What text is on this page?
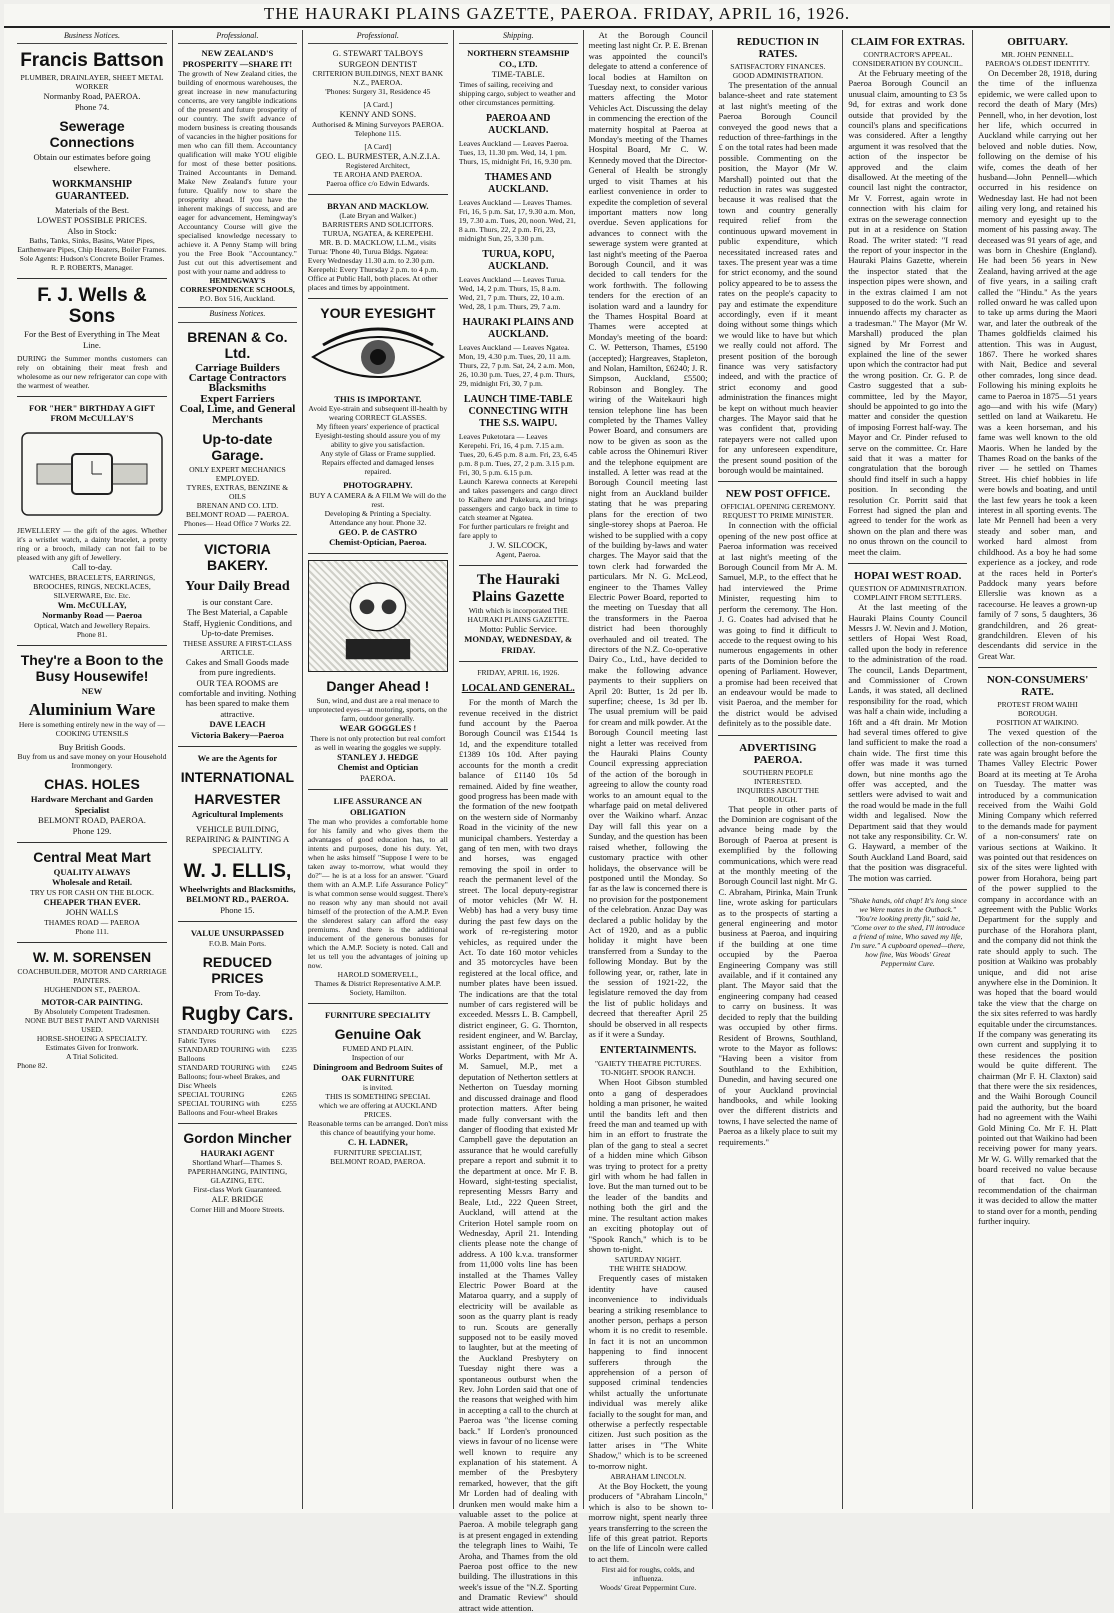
THE HAURAKI PLAINS GAZETTE, PAEROA. FRIDAY, APRIL 16, 1926.
Business Notices.
Francis Battson
PLUMBER, DRAINLAYER, SHEET METAL WORKER
Normanby Road, PAEROA.
Phone 74.
Sewerage Connections
Obtain our estimates before going elsewhere.
WORKMANSHIP GUARANTEED.
Materials of the Best.
LOWEST POSSIBLE PRICES.
Also in Stock:
Baths, Tanks, Sinks, Basins, Water Pipes, Earthenware Pipes, Chip Heaters, Boiler Frames.
Sole Agents: Hudson's Concrete Boiler Frames.
R. P. ROBERTS, Manager.
F. J. Wells & Sons
For the Best of Everything in The Meat Line.
DURING the Summer months customers can rely on obtaining their meat fresh and wholesome as our new refrigerator can cope with the warmest of weather.
FOR "HER" BIRTHDAY A GIFT FROM McCULLAY'S
JEWELLERY — the gift of the ages. Whether it's a wristlet watch, a dainty bracelet, a pretty ring or a brooch, milady can not fail to be pleased with any gift of Jewellery.
Call to-day.
WATCHES, BRACELETS, EARRINGS, BROOCHES, RINGS, NECKLACES, SILVERWARE, Etc. Etc.
Wm. McCULLAY,
Normanby Road — Paeroa
Optical, Watch and Jewellery Repairs.
Phone 81.
They're a Boon to the Busy Housewife!
NEW
Aluminium Ware
Here is something entirely new in the way of — COOKING UTENSILS
Buy British Goods.
Buy from us and save money on your Household Ironmongery.
CHAS. HOLES
Hardware Merchant and Garden Specialist
BELMONT ROAD, PAEROA.
Phone 129.
Central Meat Mart
QUALITY ALWAYS
Wholesale and Retail.
TRY US FOR CASH ON THE BLOCK.
CHEAPER THAN EVER.
JOHN WALLS
THAMES ROAD — PAEROA
Phone 111.
W. M. SORENSEN
COACHBUILDER, MOTOR AND CARRIAGE PAINTERS.
HUGHENDON ST., PAEROA.
MOTOR-CAR PAINTING.
By Absolutely Competent Tradesmen.
NONE BUT BEST PAINT AND VARNISH USED.
HORSE-SHOEING A SPECIALTY.
Estimates Given for Ironwork.
A Trial Solicited.
Phone 82.
Professional.
NEW ZEALAND'S PROSPERITY —SHARE IT!
The growth of New Zealand cities, the building of enormous warehouses, the great increase in new manufacturing concerns, are very tangible indications of the present and future prosperity of our country. The swift advance of modern business is creating thousands of vacancies in the higher positions for men who can fill them. Accountancy qualification will make YOU eligible for most of these better positions. Trained Accountants in Demand. Make New Zealand's future your future. Qualify now to share the prosperity ahead. If you have the inherent makings of success, and are eager for advancement, Hemingway's Accountancy Course will give the specialised knowledge necessary to achieve it. A Penny Stamp will bring you the Free Book "Accountancy." Just cut out this advertisement and post with your name and address to
HEMINGWAY'S CORRESPONDENCE SCHOOLS,
P.O. Box 516, Auckland.
Business Notices.
BRENAN & Co. Ltd.
Carriage Builders
Cartage Contractors
Blacksmiths
Expert Farriers
Coal, Lime, and General Merchants
Up-to-date Garage.
ONLY EXPERT MECHANICS EMPLOYED.
TYRES, EXTRAS, BENZINE & OILS
BRENAN AND CO. LTD.
BELMONT ROAD — PAEROA.
Phones— Head Office 7 Works 22.
VICTORIA BAKERY.
Your Daily Bread
is our constant Care.
The Best Material, a Capable Staff, Hygienic Conditions, and Up-to-date Premises.
THESE ASSURE A FIRST-CLASS ARTICLE.
Cakes and Small Goods made from pure ingredients.
OUR TEA ROOMS are comfortable and inviting. Nothing has been spared to make them attractive.
DAVE LEACH
Victoria Bakery—Paeroa
We are the Agents for
INTERNATIONAL
HARVESTER
Agricultural Implements
VEHICLE BUILDING, REPAIRING & PAINTING A SPECIALITY.
W. J. ELLIS,
Wheelwrights and Blacksmiths,
BELMONT RD., PAEROA.
Phone 15.
VALUE UNSURPASSED
F.O.B. Main Ports.
REDUCED PRICES
From To-day.
Rugby Cars.
STANDARD TOURING with Fabric Tyres
£225
STANDARD TOURING with Balloons
£235
STANDARD TOURING with Balloons; four-wheel Brakes, and Disc Wheels
£245
SPECIAL TOURING	£265
SPECIAL TOURING with Balloons and Four-wheel Brakes
£255
Gordon Mincher
HAURAKI AGENT
Shortland Wharf—Thames S.
PAPERHANGING, PAINTING, GLAZING, ETC.
First-class Work Guaranteed.
ALF. BRIDGE
Corner Hill and Moore Streets.
Professional.
G. STEWART TALBOYS
SURGEON DENTIST
CRITERION BUILDINGS, NEXT BANK N.Z., PAEROA.
'Phones: Surgery 31, Residence 45
[A Card.]
KENNY AND SONS.
Authorised & Mining Surveyors PAEROA.
Telephone 115.
[A Card]
GEO. L. BURMESTER, A.N.Z.I.A.
Registered Architect,
TE AROHA AND PAEROA.
Paeroa office c/o Edwin Edwards.
BRYAN AND MACKLOW.
(Late Bryan and Walker.)
BARRISTERS AND SOLICITORS.
TURUA, NGATEA, & KEREPEHI.
MR. B. D. MACKLOW, LL.M., visits
Turua: 'Phone 40, Turua Bldgs. Ngatea: Every Wednesday 11.30 a.m. to 2.30 p.m. Kerepehi: Every Thursday 2 p.m. to 4 p.m.
Office at Public Hall, both places. At other places and times by appointment.
YOUR EYESIGHT
THIS IS IMPORTANT.
Avoid Eye-strain and subsequent ill-health by wearing CORRECT GLASSES.
My fifteen years' experience of practical Eyesight-testing should assure you of my ability to give you satisfaction.
Any style of Glass or Frame supplied.
Repairs effected and damaged lenses repaired.
PHOTOGRAPHY.
BUY A CAMERA & A FILM We will do the rest.
Developing & Printing a Specialty.
Attendance any hour. Phone 32.
GEO. P. de CASTRO
Chemist-Optician, Paeroa.
Danger Ahead !
Sun, wind, and dust are a real menace to unprotected eyes—at motoring, sports, on the farm, outdoor generally.
WEAR GOGGLES !
There is not only protection but real comfort as well in wearing the goggles we supply.
STANLEY J. HEDGE
Chemist and Optician
PAEROA.
LIFE ASSURANCE AN OBLIGATION
The man who provides a comfortable home for his family and who gives them the advantages of good education has, to all intents and purposes, done his duty. Yet, when he asks himself "Suppose I were to be taken away to-morrow, what would they do?"— he is at a loss for an answer. "Guard them with an A.M.P. Life Assurance Policy" is what common sense would suggest. There's no reason why any man should not avail himself of the protection of the A.M.P. Even the slenderest salary can afford the easy premiums. And there is the additional inducement of the generous bonuses for which the A.M.P. Society is noted. Call and let us tell you the advantages of joining up now.
HAROLD SOMERVELL,
Thames & District Representative A.M.P. Society, Hamilton.
FURNITURE SPECIALITY
Genuine Oak
FUMED AND PLAIN.
Inspection of our
Diningroom and Bedroom Suites of
OAK FURNITURE
is invited.
THIS IS SOMETHING SPECIAL
which we are offering at AUCKLAND PRICES.
Reasonable terms can be arranged. Don't miss this chance of beautifying your home.
C. H. LADNER,
FURNITURE SPECIALIST,
BELMONT ROAD, PAEROA.
Shipping.
NORTHERN STEAMSHIP CO., LTD.
TIME-TABLE.
Times of sailing, receiving and shipping cargo, subject to weather and other circumstances permitting.
PAEROA AND AUCKLAND.
Leaves Auckland — Leaves Paeroa. Tues, 13, 11.30 pm. Wed, 14, 1 pm. Thurs, 15, midnight Fri, 16, 9.30 pm.
THAMES AND AUCKLAND.
Leaves Auckland — Leaves Thames. Fri, 16, 5 p.m. Sat, 17, 9.30 a.m. Mon, 19, 7.30 a.m. Tues, 20, noon. Wed, 21, 8 a.m. Thurs, 22, 2 p.m. Fri, 23, midnight Sun, 25, 3.30 p.m.
TURUA, KOPU, AUCKLAND.
Leaves Auckland — Leaves Turua. Wed, 14, 2 p.m. Thurs, 15, 8 a.m. Wed, 21, 7 p.m. Thurs, 22, 10 a.m. Wed, 28, 1 p.m. Thurs, 29, 7 a.m.
HAURAKI PLAINS AND AUCKLAND.
Leaves Auckland — Leaves Ngatea. Mon, 19, 4.30 p.m. Tues, 20, 11 a.m. Thurs, 22, 7 p.m. Sat, 24, 2 a.m. Mon, 26, 10.30 p.m. Tues, 27, 4 p.m. Thurs, 29, midnight Fri, 30, 7 p.m.
LAUNCH TIME-TABLE CONNECTING WITH THE S.S. WAIPU.
Leaves Puketotara — Leaves Kerepehi. Fri, 16, 4 p.m. 7.15 a.m. Tues, 20, 6.45 p.m. 8 a.m. Fri, 23, 6.45 p.m. 8 p.m. Tues, 27, 2 p.m. 3.15 p.m. Fri, 30, 5 p.m. 6.15 p.m.
Launch Karewa connects at Kerepehi and takes passengers and cargo direct to Kaihere and Pukekura, and brings passengers and cargo back in time to catch steamer at Ngatea.
For further particulars re freight and fare apply to
J. W. SILCOCK,
Agent, Paeroa.
The Hauraki Plains Gazette
With which is incorporated THE HAURAKI PLAINS GAZETTE.
Motto: Public Service.
MONDAY, WEDNESDAY, & FRIDAY.
FRIDAY, APRIL 16, 1926.
LOCAL AND GENERAL.

For the month of March the revenue received in the district fund account by the Paeroa Borough Council was £1544 1s 1d, and the expenditure totalled £1389 10s 10d. After paying accounts for the month a credit balance of £1140 10s 5d remained. Aided by fine weather, good progress has been made with the formation of the new footpath on the western side of Normanby Road in the vicinity of the new municipal chambers. Yesterday a gang of ten men, with two drays and horses, was engaged removing the spoil in order to reach the permanent level of the street. The local deputy-registrar of motor vehicles (Mr W. H. Webb) has had a very busy time during the past few days on the work of re-registering motor vehicles, as required under the Act. To date 160 motor vehicles and 35 motorcycles have been registered at the local office, and number plates have been issued. The indications are that the total number of cars registered will be exceeded. Messrs L. B. Campbell, district engineer, G. G. Thornton, resident engineer, and W. Barclay, assistant engineer, of the Public Works Department, with Mr A. M. Samuel, M.P., met a deputation of Netherton settlers at Netherton on Tuesday morning and discussed drainage and flood protection matters. After being made fully conversant with the danger of flooding that existed Mr Campbell gave the deputation an assurance that he would carefully prepare a report and submit it to the department at once. Mr F. B. Howard, sight-testing specialist, representing Messrs Barry and Beale, Ltd., 222 Queen Street, Auckland, will attend at the Criterion Hotel sample room on Wednesday, April 21. Intending clients please note the change of address. A 100 k.v.a. transformer from 11,000 volts line has been installed at the Thames Valley Electric Power Board at the Mataroa quarry, and a supply of electricity will be available as soon as the quarry plant is ready to run. Scouts are generally supposed not to be easily moved to laughter, but at the meeting of the Auckland Presbytery on Tuesday night there was a spontaneous outburst when the Rev. John Lorden said that one of the reasons that weighed with him in accepting a call to the church at Paeroa was "the license coming back." If Lorden's pronounced views in favour of no license were well known to require any explanation of his statement. A member of the Presbytery remarked, however, that the gift Mr Lorden had of dealing with drunken men would make him a valuable asset to the police at Paeroa. A mobile telegraph gang is at present engaged in extending the telegraph lines to Waihi, Te Aroha, and Thames from the old Paeroa post office to the new building. The illustrations in this week's issue of the "N.Z. Sporting and Dramatic Review" should attract wide attention.

At the Borough Council meeting last night Cr. P. E. Brenan was appointed the council's delegate to attend a conference of local bodies at Hamilton on Tuesday next, to consider various matters affecting the Motor Vehicles Act. Discussing the delay in commencing the erection of the maternity hospital at Paeroa at Monday's meeting of the Thames Hospital Board, Mr C. W. Kennedy moved that the Director-General of Health be strongly urged to visit Thames at his earliest convenience in order to expedite the completion of several important matters now long overdue. Seven applications for advances to connect with the sewerage system were granted at last night's meeting of the Paeroa Borough Council, and it was decided to call tenders for the work forthwith. The following tenders for the erection of an isolation ward and a laundry for the Thames Hospital Board at Thames were accepted at Monday's meeting of the board: C. W. Petterson, Thames, £5190 (accepted); Hargreaves, Stapleton, and Nolan, Hamilton, £6240; J. R. Simpson, Auckland, £5500; Robinson and Bongley. The wiring of the Waitekauri high tension telephone line has been completed by the Thames Valley Power Board, and consumers are now to be given as soon as the cable across the Ohinemuri River and the telephone equipment are installed. A letter was read at the Borough Council meeting last night from an Auckland builder stating that he was preparing plans for the erection of two single-storey shops at Paeroa. He wished to be supplied with a copy of the building by-laws and water charges. The Mayor said that the town clerk had forwarded the particulars. Mr N. G. McLeod, engineer to the Thames Valley Electric Power Board, reported to the meeting on Tuesday that all the transformers in the Paeroa district had been thoroughly overhauled and oil treated. The directors of the N.Z. Co-operative Dairy Co., Ltd., have decided to make the following advance payments to their suppliers on April 20: Butter, 1s 2d per lb. superfine; cheese, 1s 3d per lb. The usual premium will be paid for cream and milk powder. At the Borough Council meeting last night a letter was received from the Hauraki Plains County Council expressing appreciation of the action of the borough in agreeing to allow the county road works to an amount equal to the wharfage paid on metal delivered over the Waikino wharf. Anzac Day will fall this year on a Sunday, and the question has been raised whether, following the customary practice with other holidays, the observance will be postponed until the Monday. So far as the law is concerned there is no provision for the postponement of the celebration. Anzac Day was declared a public holiday by the Act of 1920, and as a public holiday it might have been transferred from a Sunday to the following Monday. But by the following year, or, rather, late in the session of 1921-22, the legislature removed the day from the list of public holidays and decreed that thereafter April 25 should be observed in all respects as if it were a Sunday.

ENTERTAINMENTS.
"GAIETY THEATRE PICTURES. TO-NIGHT. SPOOK RANCH.

When Hoot Gibson stumbled onto a gang of desperadoes holding a man prisoner, he waited until the bandits left and then freed the man and teamed up with him in an effort to frustrate the plan of the gang to steal a secret of a hidden mine which Gibson was trying to protect for a pretty girl with whom he had fallen in love. But the man turned out to be the leader of the bandits and nothing both the girl and the mine. The resultant action makes an exciting photoplay out of "Spook Ranch," which is to be shown to-night.

SATURDAY NIGHT.
THE WHITE SHADOW.

Frequently cases of mistaken identity have caused inconvenience to individuals bearing a striking resemblance to another person, perhaps a person whom it is no credit to resemble. In fact it is not an uncommon happening to find innocent sufferers through the apprehension of a person of supposed criminal tendencies whilst actually the unfortunate individual was merely alike facially to the sought for man, and otherwise a perfectly respectable citizen. Just such position as the latter arises in "The White Shadow," which is to be screened to-morrow night.

ABRAHAM LINCOLN.

At the Boy Hockett, the young producers of "Abraham Lincoln," which is also to be shown to-morrow night, spent nearly three years transferring to the screen the life of this great patriot. Reports on the life of Lincoln were called to act them.

First aid for roughs, colds, and influenza.
Woods' Great Peppermint Cure.
REDUCTION IN RATES.
SATISFACTORY FINANCES.
GOOD ADMINISTRATION.

The presentation of the annual balance-sheet and rate statement at last night's meeting of the Paeroa Borough Council conveyed the good news that a reduction of three-farthings in the £ on the total rates had been made possible. Commenting on the position, the Mayor (Mr W. Marshall) pointed out that the reduction in rates was suggested because it was realised that the town and country generally required relief from the continuous upward movement in public expenditure, which necessitated increased rates and taxes. The present year was a time for strict economy, and the sound policy appeared to be to assess the rates on the people's capacity to pay and estimate the expenditure accordingly, even if it meant doing without some things which we would like to have but which we really could not afford. The present position of the borough finance was very satisfactory indeed, and with the practice of strict economy and good administration the finances might be kept on without much heavier charges. The Mayor said that he was confident that, providing ratepayers were not called upon for any unforeseen expenditure, the present sound position of the borough would be maintained.

NEW POST OFFICE.
OFFICIAL OPENING CEREMONY.
REQUEST TO PRIME MINISTER.

In connection with the official opening of the new post office at Paeroa information was received at last night's meeting of the Borough Council from Mr A. M. Samuel, M.P., to the effect that he had interviewed the Prime Minister, requesting him to perform the ceremony. The Hon. J. G. Coates had advised that he was going to find it difficult to accede to the request owing to his numerous engagements in other parts of the Dominion before the opening of Parliament. However, a promise had been received that an endeavour would be made to visit Paeroa, and the member for the district would be advised definitely as to the possible date.

ADVERTISING PAEROA.
SOUTHERN PEOPLE INTERESTED.
INQUIRIES ABOUT THE BOROUGH.

That people in other parts of the Dominion are cognisant of the advance being made by the Borough of Paeroa at present is exemplified by the following communications, which were read at the monthly meeting of the Borough Council last night. Mr G. C. Abraham, Pirinka, Main Trunk line, wrote asking for particulars as to the prospects of starting a general engineering and motor business at Paeroa, and inquiring if the building at one time occupied by the Paeroa Engineering Company was still available, and if it contained any plant. The Mayor said that the engineering company had ceased to carry on business. It was decided to reply that the building was occupied by other firms. Resident of Browns, Southland, wrote to the Mayor as follows: "Having been a visitor from Southland to the Exhibition, Dunedin, and having secured one of your Auckland provincial handbooks, and while looking over the different districts and towns, I have selected the name of Paeroa as a likely place to suit my requirements."

CLAIM FOR EXTRAS.
CONTRACTOR'S APPEAL.
CONSIDERATION BY COUNCIL.

At the February meeting of the Paeroa Borough Council an unusual claim, amounting to £3 5s 9d, for extras and work done outside that provided by the council's plans and specifications was considered. After a lengthy argument it was resolved that the action of the inspector be approved and the claim disallowed. At the meeting of the council last night the contractor, Mr V. Forrest, again wrote in connection with his claim for extras on the sewerage connection put in at a residence on Station Road. The writer stated: "I read the report of your inspector in the Hauraki Plains Gazette, wherein the inspector stated that the inspection pipes were shown, and in the extras claimed I am not supposed to do the work. Such an innuendo affects my character as a tradesman." The Mayor (Mr W. Marshall) produced the plan signed by Mr Forrest and explained the line of the sewer upon which the contractor had put the wrong position. Cr. G. P. de Castro suggested that a sub-committee, led by the Mayor, should be appointed to go into the matter and consider the question of imposing Forrest half-way. The Mayor and Cr. Pinder refused to serve on the committee. Cr. Hare said that it was a matter for congratulation that the borough should find itself in such a happy position. In seconding the resolution Cr. Porritt said that Forrest had signed the plan and agreed to tender for the work as shown on the plan and there was no onus thrown on the council to meet the claim.

HOPAI WEST ROAD.
QUESTION OF ADMINISTRATION.
COMPLAINT FROM SETTLERS.

At the last meeting of the Hauraki Plains County Council Messrs J. W. Nevin and J. Motion, settlers of Hopai West Road, called upon the body in reference to the administration of the road. The council, Lands Department, and Commissioner of Crown Lands, it was stated, all declined responsibility for the road, which was half a chain wide, including a 16ft and a 4ft drain. Mr Motion had several times offered to give land sufficient to make the road a chain wide. The first time this offer was made it was turned down, but nine months ago the offer was accepted, and the settlers were advised to wait and the road would be made in the full width and legalised. Now the Department said that they would not take any responsibility. Cr. W. G. Hayward, a member of the South Auckland Land Board, said that the position was disgraceful. The motion was carried.

"Shake hands, old chap! It's long since we Were mates in the Outback." "You're looking pretty fit," said he, "Come over to the shed, I'll introduce a friend of mine, Who saved my life, I'm sure." A cupboard opened—there, how fine, Was Woods' Great Peppermint Cure.
OBITUARY.
MR. JOHN PENNELL.
PAEROA'S OLDEST IDENTITY.

On December 28, 1918, during the time of the influenza epidemic, we were called upon to record the death of Mary (Mrs) Pennell, who, in her devotion, lost her life, which occurred in Auckland while carrying out her beloved and noble duties. Now, following on the demise of his wife, comes the death of her husband—John Pennell—which occurred in his residence on Wednesday last. He had not been ailing very long, and retained his memory and eyesight up to the moment of his passing away. The deceased was 91 years of age, and was born in Cheshire (England). He had been 56 years in New Zealand, having arrived at the age of five years, in a sailing craft called the "Hindu." As the years rolled onward he was called upon to take up arms during the Maori war, and later the outbreak of the Thames goldfields claimed his attention. This was in August, 1867. There he worked shares with Nait, Bedice and several other comrades, long since dead. Following his mining exploits he came to Paeroa in 1875—51 years ago—and with his wife (Mary) settled on land at Waikaretu. He was a keen horseman, and his fame was well known to the old Maoris. When he landed by the Thames Road on the banks of the river — he settled on Thames Street. His chief hobbies in life were bowls and boating, and until the last few years he took a keen interest in all sporting events. The late Mr Pennell had been a very steady and sober man, and worked hard almost from childhood. As a boy he had some experience as a jockey, and rode at the races held in Porter's Paddock many years before Ellerslie was known as a racecourse. He leaves a grown-up family of 7 sons, 5 daughters, 36 grandchildren, and 26 great-grandchildren. Eleven of his descendants did service in the Great War.

NON-CONSUMERS' RATE.
PROTEST FROM WAIHI BOROUGH.
POSITION AT WAIKINO.

The vexed question of the collection of the non-consumers' rate was again brought before the Thames Valley Electric Power Board at its meeting at Te Aroha on Tuesday. The matter was introduced by a communication received from the Waihi Gold Mining Company which referred to the demands made for payment of a non-consumers' rate on various sections at Waikino. It was pointed out that residences on six of the sites were lighted with power from Horahora, being part of the power supplied to the company in accordance with an agreement with the Public Works Department for the supply and purchase of the Horahora plant, and the company did not think the rate should apply to such. The position at Waikino was probably unique, and did not arise anywhere else in the Dominion. It was hoped that the board would take the view that the charge on the six sites referred to was hardly equitable under the circumstances. If the company was generating its own current and supplying it to these residences the position would be quite different. The chairman (Mr F. H. Claxton) said that there were the six residences, and the Waihi Borough Council paid the authority, but the board had no agreement with the Waihi Gold Mining Co. Mr F. H. Platt pointed out that Waikino had been receiving power for many years. Mr W. G. Willy remarked that the board received no value because of that fact. On the recommendation of the chairman it was decided to allow the matter to stand over for a month, pending further inquiry.
